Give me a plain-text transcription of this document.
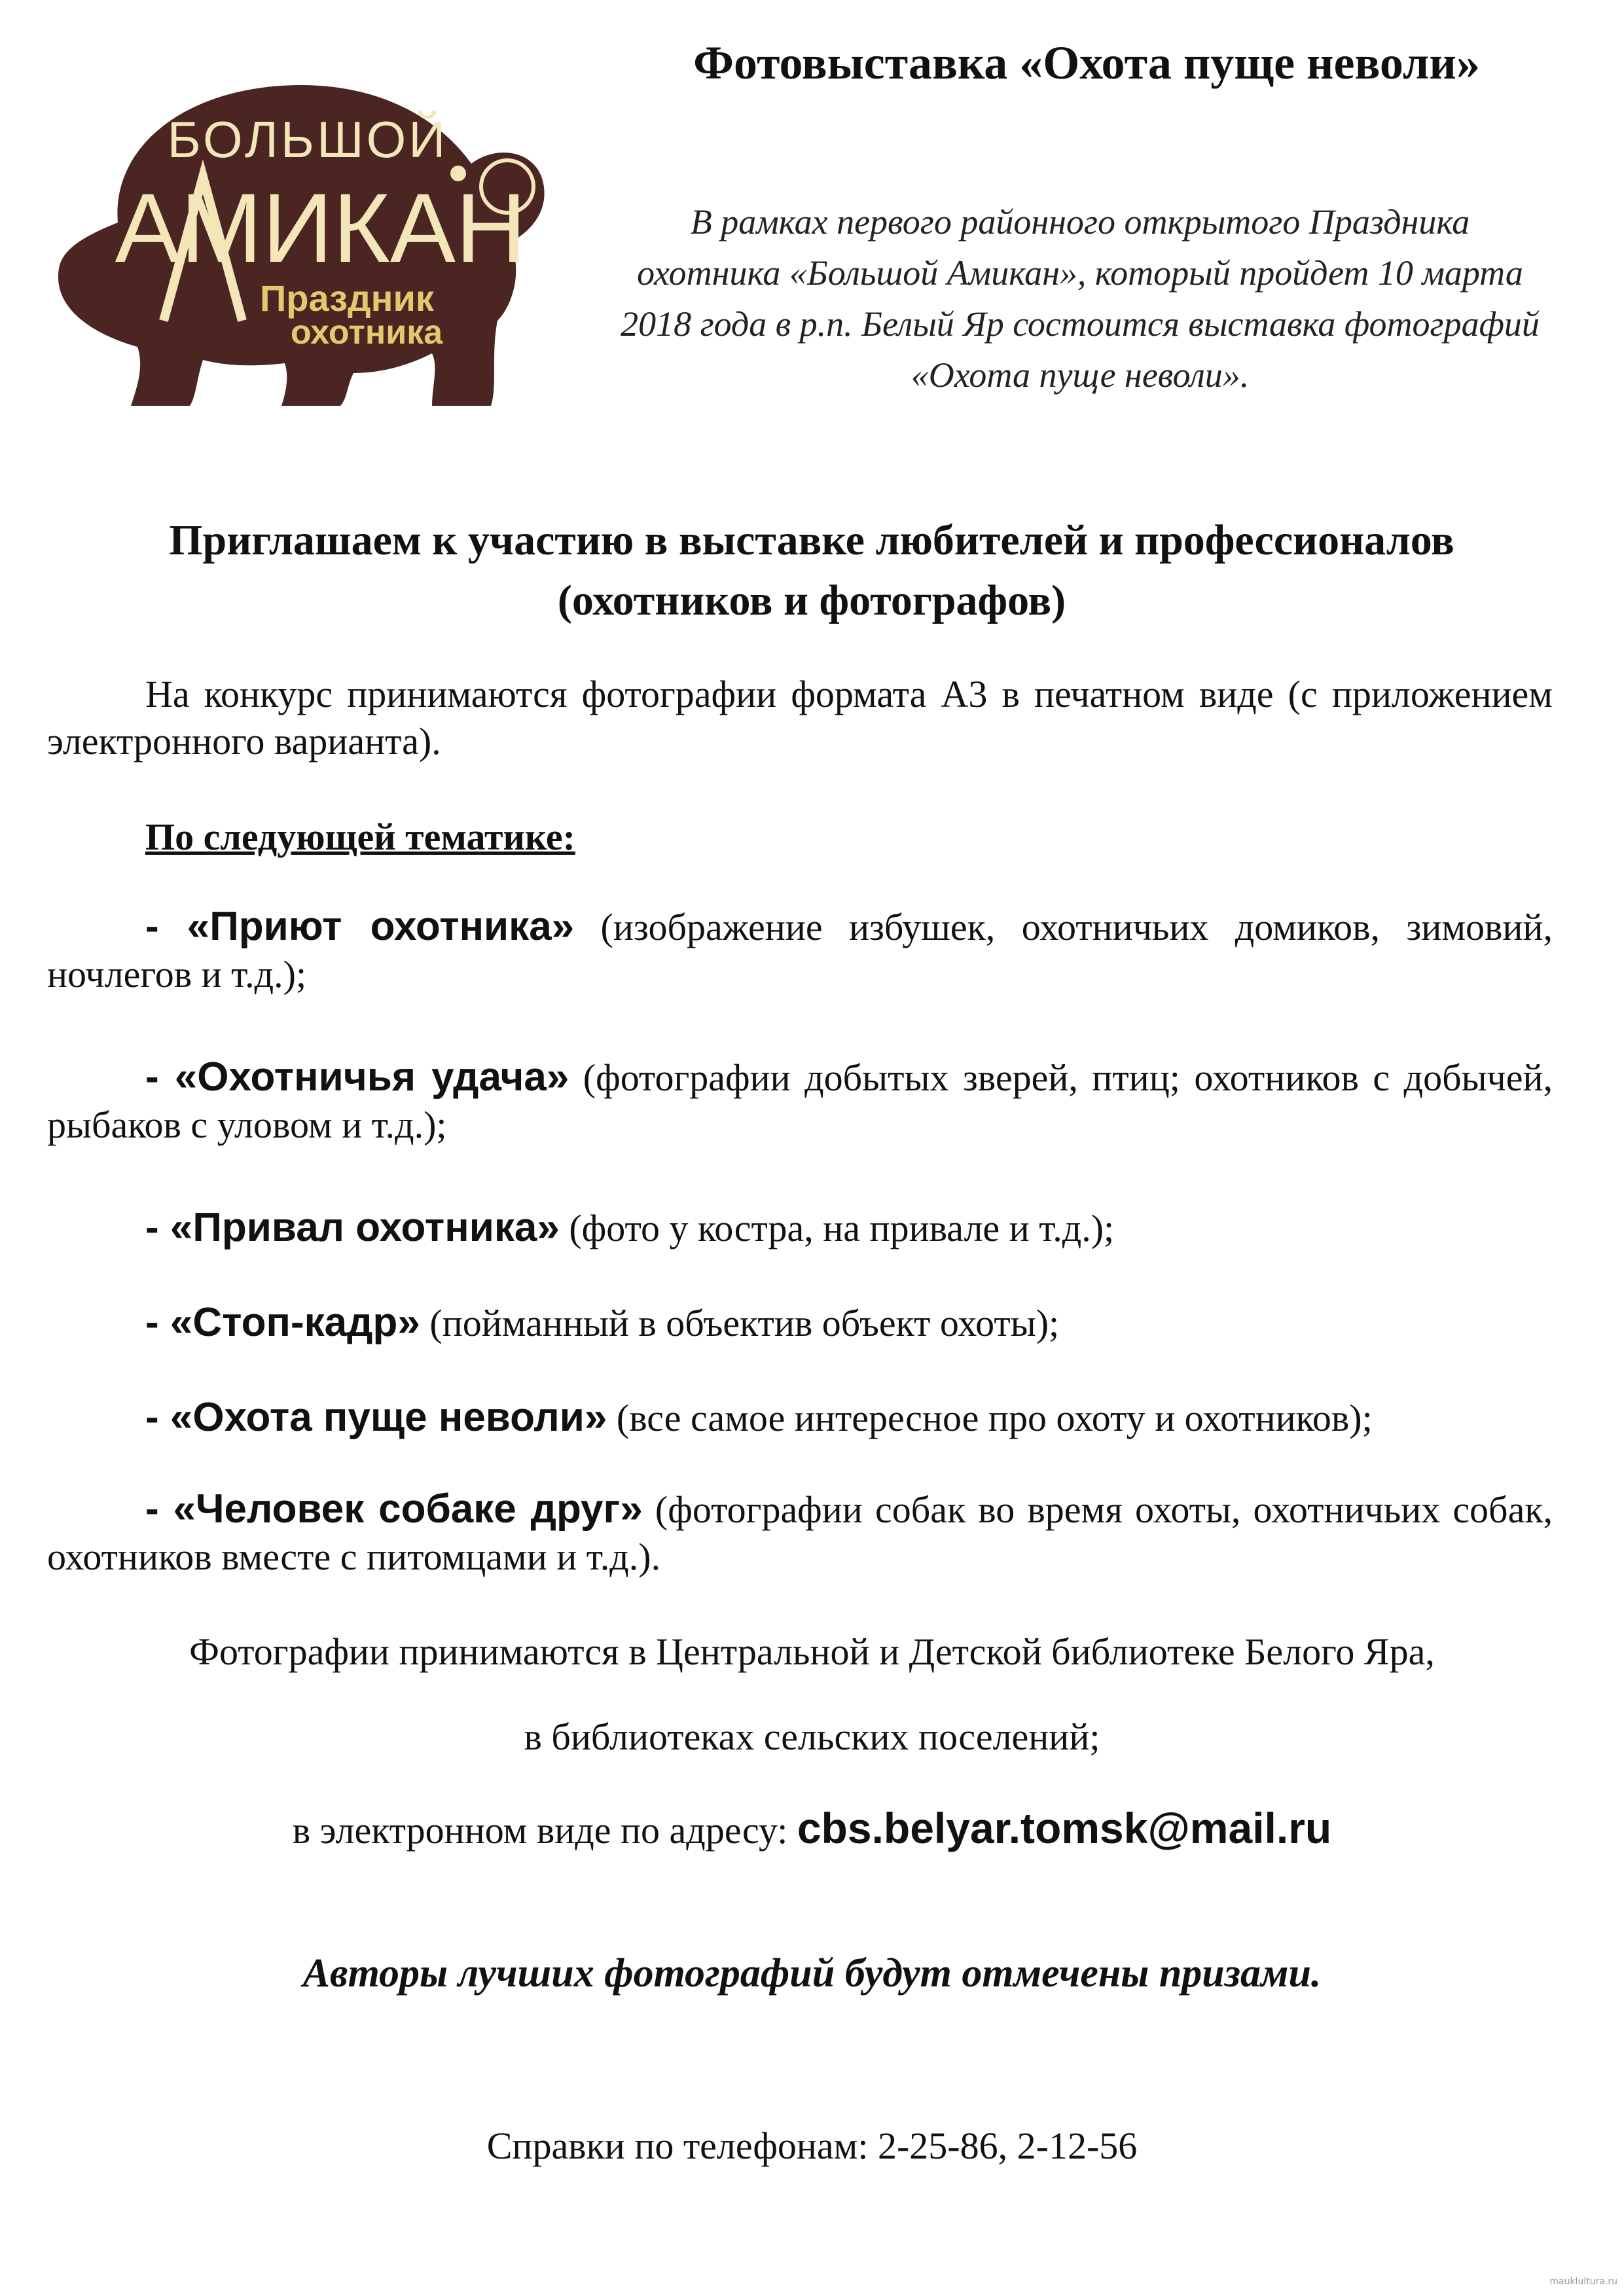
БОЛЬШОЙ
АМИКАН
Праздник
охотника
Фотовыставка «Охота пуще неволи»

В рамках первого районного открытого Праздника охотника «Большой Амикан», который пройдет 10 марта 2018 года в р.п. Белый Яр состоится выставка фотографий «Охота пуще неволи».

Приглашаем к участию в выставке любителей и профессионалов
(охотников и фотографов)

На конкурс принимаются фотографии формата А3 в печатном виде (с приложением электронного варианта).

По следующей тематике:

- «Приют охотника» (изображение избушек, охотничьих домиков, зимовий, ночлегов и т.д.);

- «Охотничья удача» (фотографии добытых зверей, птиц; охотников с добычей, рыбаков с уловом и т.д.);

- «Привал охотника» (фото у костра, на привале и т.д.);

- «Стоп-кадр» (пойманный в объектив объект охоты);

- «Охота пуще неволи» (все самое интересное про охоту и охотников);

- «Человек собаке друг» (фотографии собак во время охоты, охотничьих собак, охотников вместе с питомцами и т.д.).

Фотографии принимаются в Центральной и Детской библиотеке Белого Яра,

в библиотеках сельских поселений;

в электронном виде по адресу: cbs.belyar.tomsk@mail.ru

Авторы лучших фотографий будут отмечены призами.

Справки по телефонам: 2-25-86, 2-12-56

mauklultura.ru
